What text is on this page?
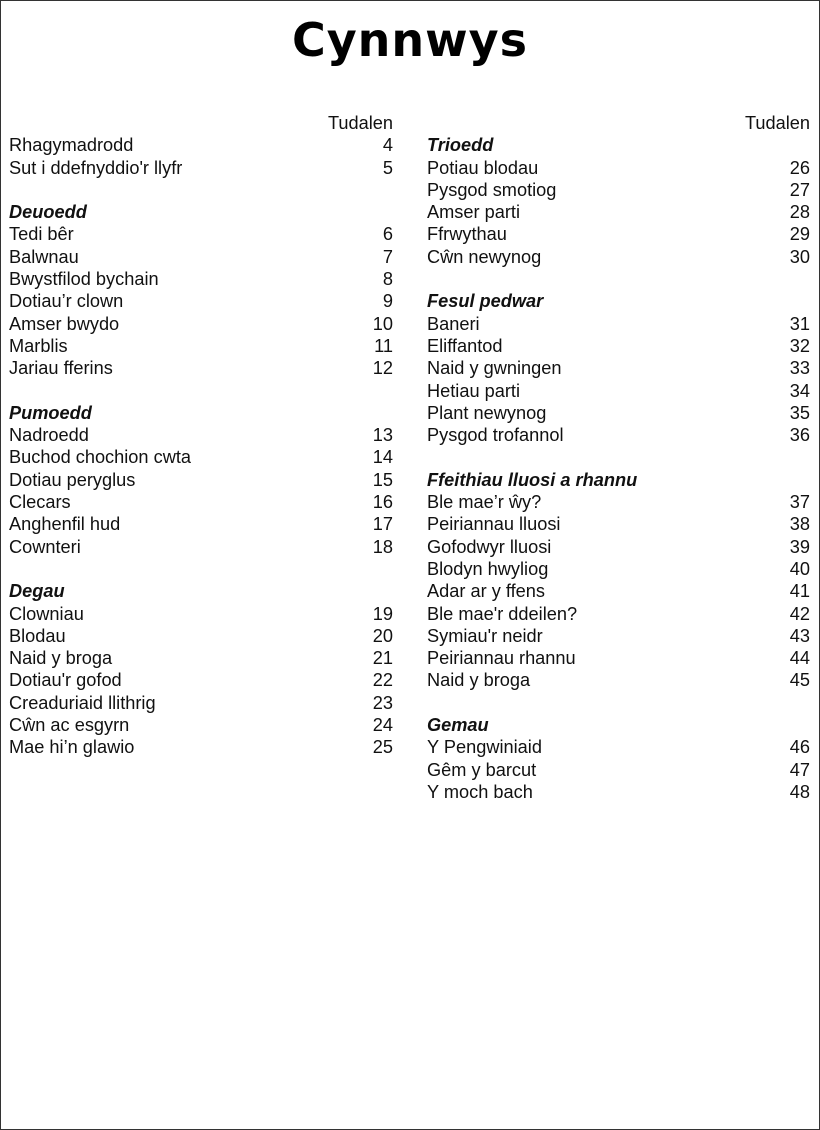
Cynnwys
Tudalen
Rhagymadrodd	4
Sut i ddefnyddio'r llyfr	5
Deuoedd
Tedi bêr	6
Balwnau	7
Bwystfilod bychain	8
Dotiau’r clown	9
Amser bwydo	10
Marblis	11
Jariau fferins	12
Pumoedd
Nadroedd	13
Buchod chochion cwta	14
Dotiau peryglus	15
Clecars	16
Anghenfil hud	17
Cownteri	18
Degau
Clowniau	19
Blodau	20
Naid y broga	21
Dotiau'r gofod	22
Creaduriaid llithrig	23
Cŵn ac esgyrn	24
Mae hi’n glawio	25
Tudalen
Trioedd
Potiau blodau	26
Pysgod smotiog	27
Amser parti	28
Ffrwythau	29
Cŵn newynog	30
Fesul pedwar
Baneri	31
Eliffantod	32
Naid y gwningen	33
Hetiau parti	34
Plant newynog	35
Pysgod trofannol	36
Ffeithiau lluosi a rhannu
Ble mae’r ŵy?	37
Peiriannau lluosi	38
Gofodwyr lluosi	39
Blodyn hwyliog	40
Adar ar y ffens	41
Ble mae'r ddeilen?	42
Symiau'r neidr	43
Peiriannau rhannu	44
Naid y broga	45
Gemau
Y Pengwiniaid	46
Gêm y barcut	47
Y moch bach	48
